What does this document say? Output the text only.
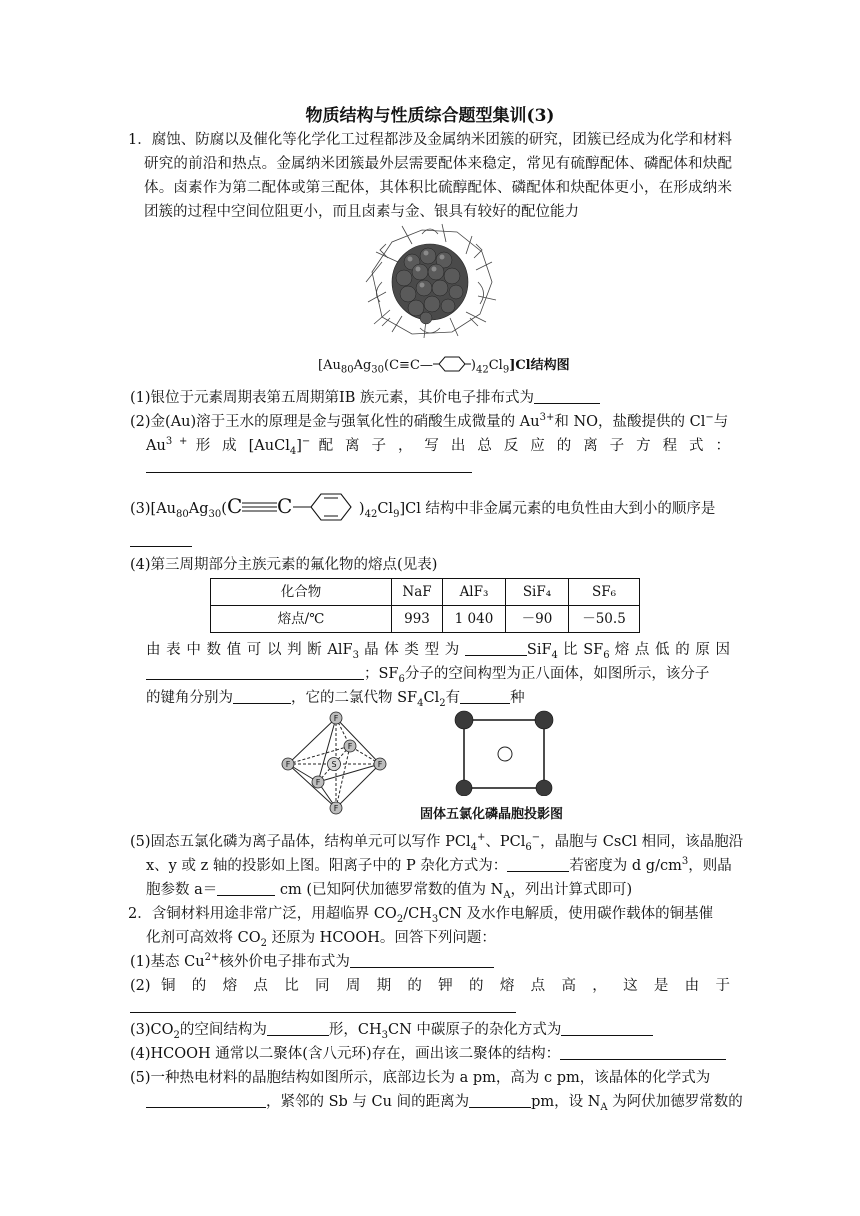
物质结构与性质综合题型集训(3)
1．腐蚀、防腐以及催化等化学化工过程都涉及金属纳米团簇的研究，团簇已经成为化学和材料研究的前沿和热点。金属纳米团簇最外层需要配体来稳定，常见有硫醇配体、磷配体和炔配体。卤素作为第二配体或第三配体，其体积比硫醇配体、磷配体和炔配体更小，在形成纳米团簇的过程中空间位阻更小，而且卤素与金、银具有较好的配位能力
[$Au_{80}Ag_{30}(C\equiv C—$	)$_{42}Cl_9]Cl$结构图
(1)银位于元素周期表第五周期第IB 族元素，其价电子排布式为
(2)金(Au)溶于王水的原理是金与强氧化性的硝酸生成微量的 $Au^{3+}$和 NO，盐酸提供的 Cl−与
$Au^{3 +}$ 形 成 [AuCl$_4$]− 配 离 子 ， 写 出 总 反 应 的 离 子 方 程 式 ：
$(3)[Au_{80}Ag_{30}$( C C	)$_{42}Cl_9]Cl$ 结构中非金属元素的电负性由大到小的顺序是
(4)第三周期部分主族元素的氟化物的熔点(见表)
化合物	NaF	AlF₃	SiF₄	SF₆
熔点/℃	993	1 040	－90	－50.5
由 表 中 数 值 可 以 判 断 AlF$_3$ 晶 体 类 型 为	SiF$_4$ 比 $SF_6$ 熔 点 低 的 原 因
；$SF_6$分子的空间构型为正八面体，如图所示，该分子
的键角分别为	，它的二氯代物 $SF_4Cl_2$有	种
F
F	F
F
F
F
S
固体五氯化磷晶胞投影图
(5)固态五氯化磷为离子晶体，结构单元可以写作 PCl$_4$+、PCl$_6$−，晶胞与 CsCl 相同，该晶胞沿
x、y 或 z 轴的投影如上图。阳离子中的 P 杂化方式为：	若密度为 d $g/cm^3$，则晶
胞参数 a＝	cm (已知阿伏加德罗常数的值为 $N_A$，列出计算式即可)
2．含铜材料用途非常广泛，用超临界 $CO_2/CH_3CN$ 及水作电解质，使用碳作载体的铜基催
化剂可高效将 $CO_2$ 还原为 HCOOH。回答下列问题：
(1)基态 $Cu^{2+}$核外价电子排布式为
(2) 铜 的 熔 点 比 同 周 期 的 钾 的 熔 点 高 ， 这 是 由 于
$(3)CO_2$的空间结构为	形，$CH_3CN$ 中碳原子的杂化方式为
(4)HCOOH 通常以二聚体(含八元环)存在，画出该二聚体的结构：
(5)一种热电材料的晶胞结构如图所示，底部边长为 a pm，高为 c pm，该晶体的化学式为
，紧邻的 Sb 与 Cu 间的距离为	pm，设 $N_A$ 为阿伏加德罗常数的
